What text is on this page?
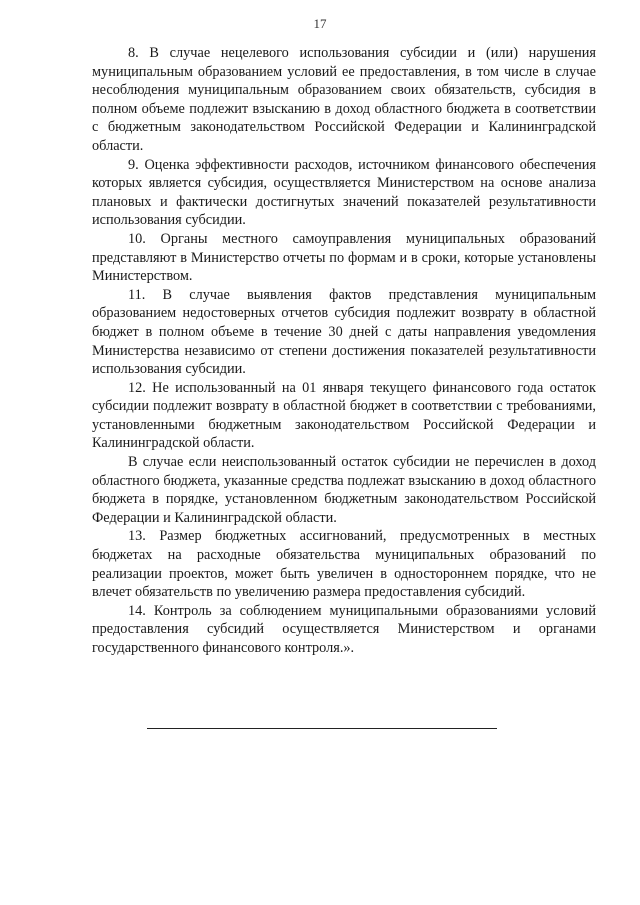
17

8. В случае нецелевого использования субсидии и (или) нарушения муниципальным образованием условий ее предоставления, в том числе в случае несоблюдения муниципальным образованием своих обязательств, субсидия в полном объеме подлежит взысканию в доход областного бюджета в соответствии с бюджетным законодательством Российской Федерации и Калининградской области.

9. Оценка эффективности расходов, источником финансового обеспечения которых является субсидия, осуществляется Министерством на основе анализа плановых и фактически достигнутых значений показателей результативности использования субсидии.

10. Органы местного самоуправления муниципальных образований представляют в Министерство отчеты по формам и в сроки, которые установлены Министерством.

11. В случае выявления фактов представления муниципальным образованием недостоверных отчетов субсидия подлежит возврату в областной бюджет в полном объеме в течение 30 дней с даты направления уведомления Министерства независимо от степени достижения показателей результативности использования субсидии.

12. Не использованный на 01 января текущего финансового года остаток субсидии подлежит возврату в областной бюджет в соответствии с требованиями, установленными бюджетным законодательством Российской Федерации и Калининградской области.

В случае если неиспользованный остаток субсидии не перечислен в доход областного бюджета, указанные средства подлежат взысканию в доход областного бюджета в порядке, установленном бюджетным законодательством Российской Федерации и Калининградской области.

13. Размер бюджетных ассигнований, предусмотренных в местных бюджетах на расходные обязательства муниципальных образований по реализации проектов, может быть увеличен в одностороннем порядке, что не влечет обязательств по увеличению размера предоставления субсидий.

14. Контроль за соблюдением муниципальными образованиями условий предоставления субсидий осуществляется Министерством и органами государственного финансового контроля.».
